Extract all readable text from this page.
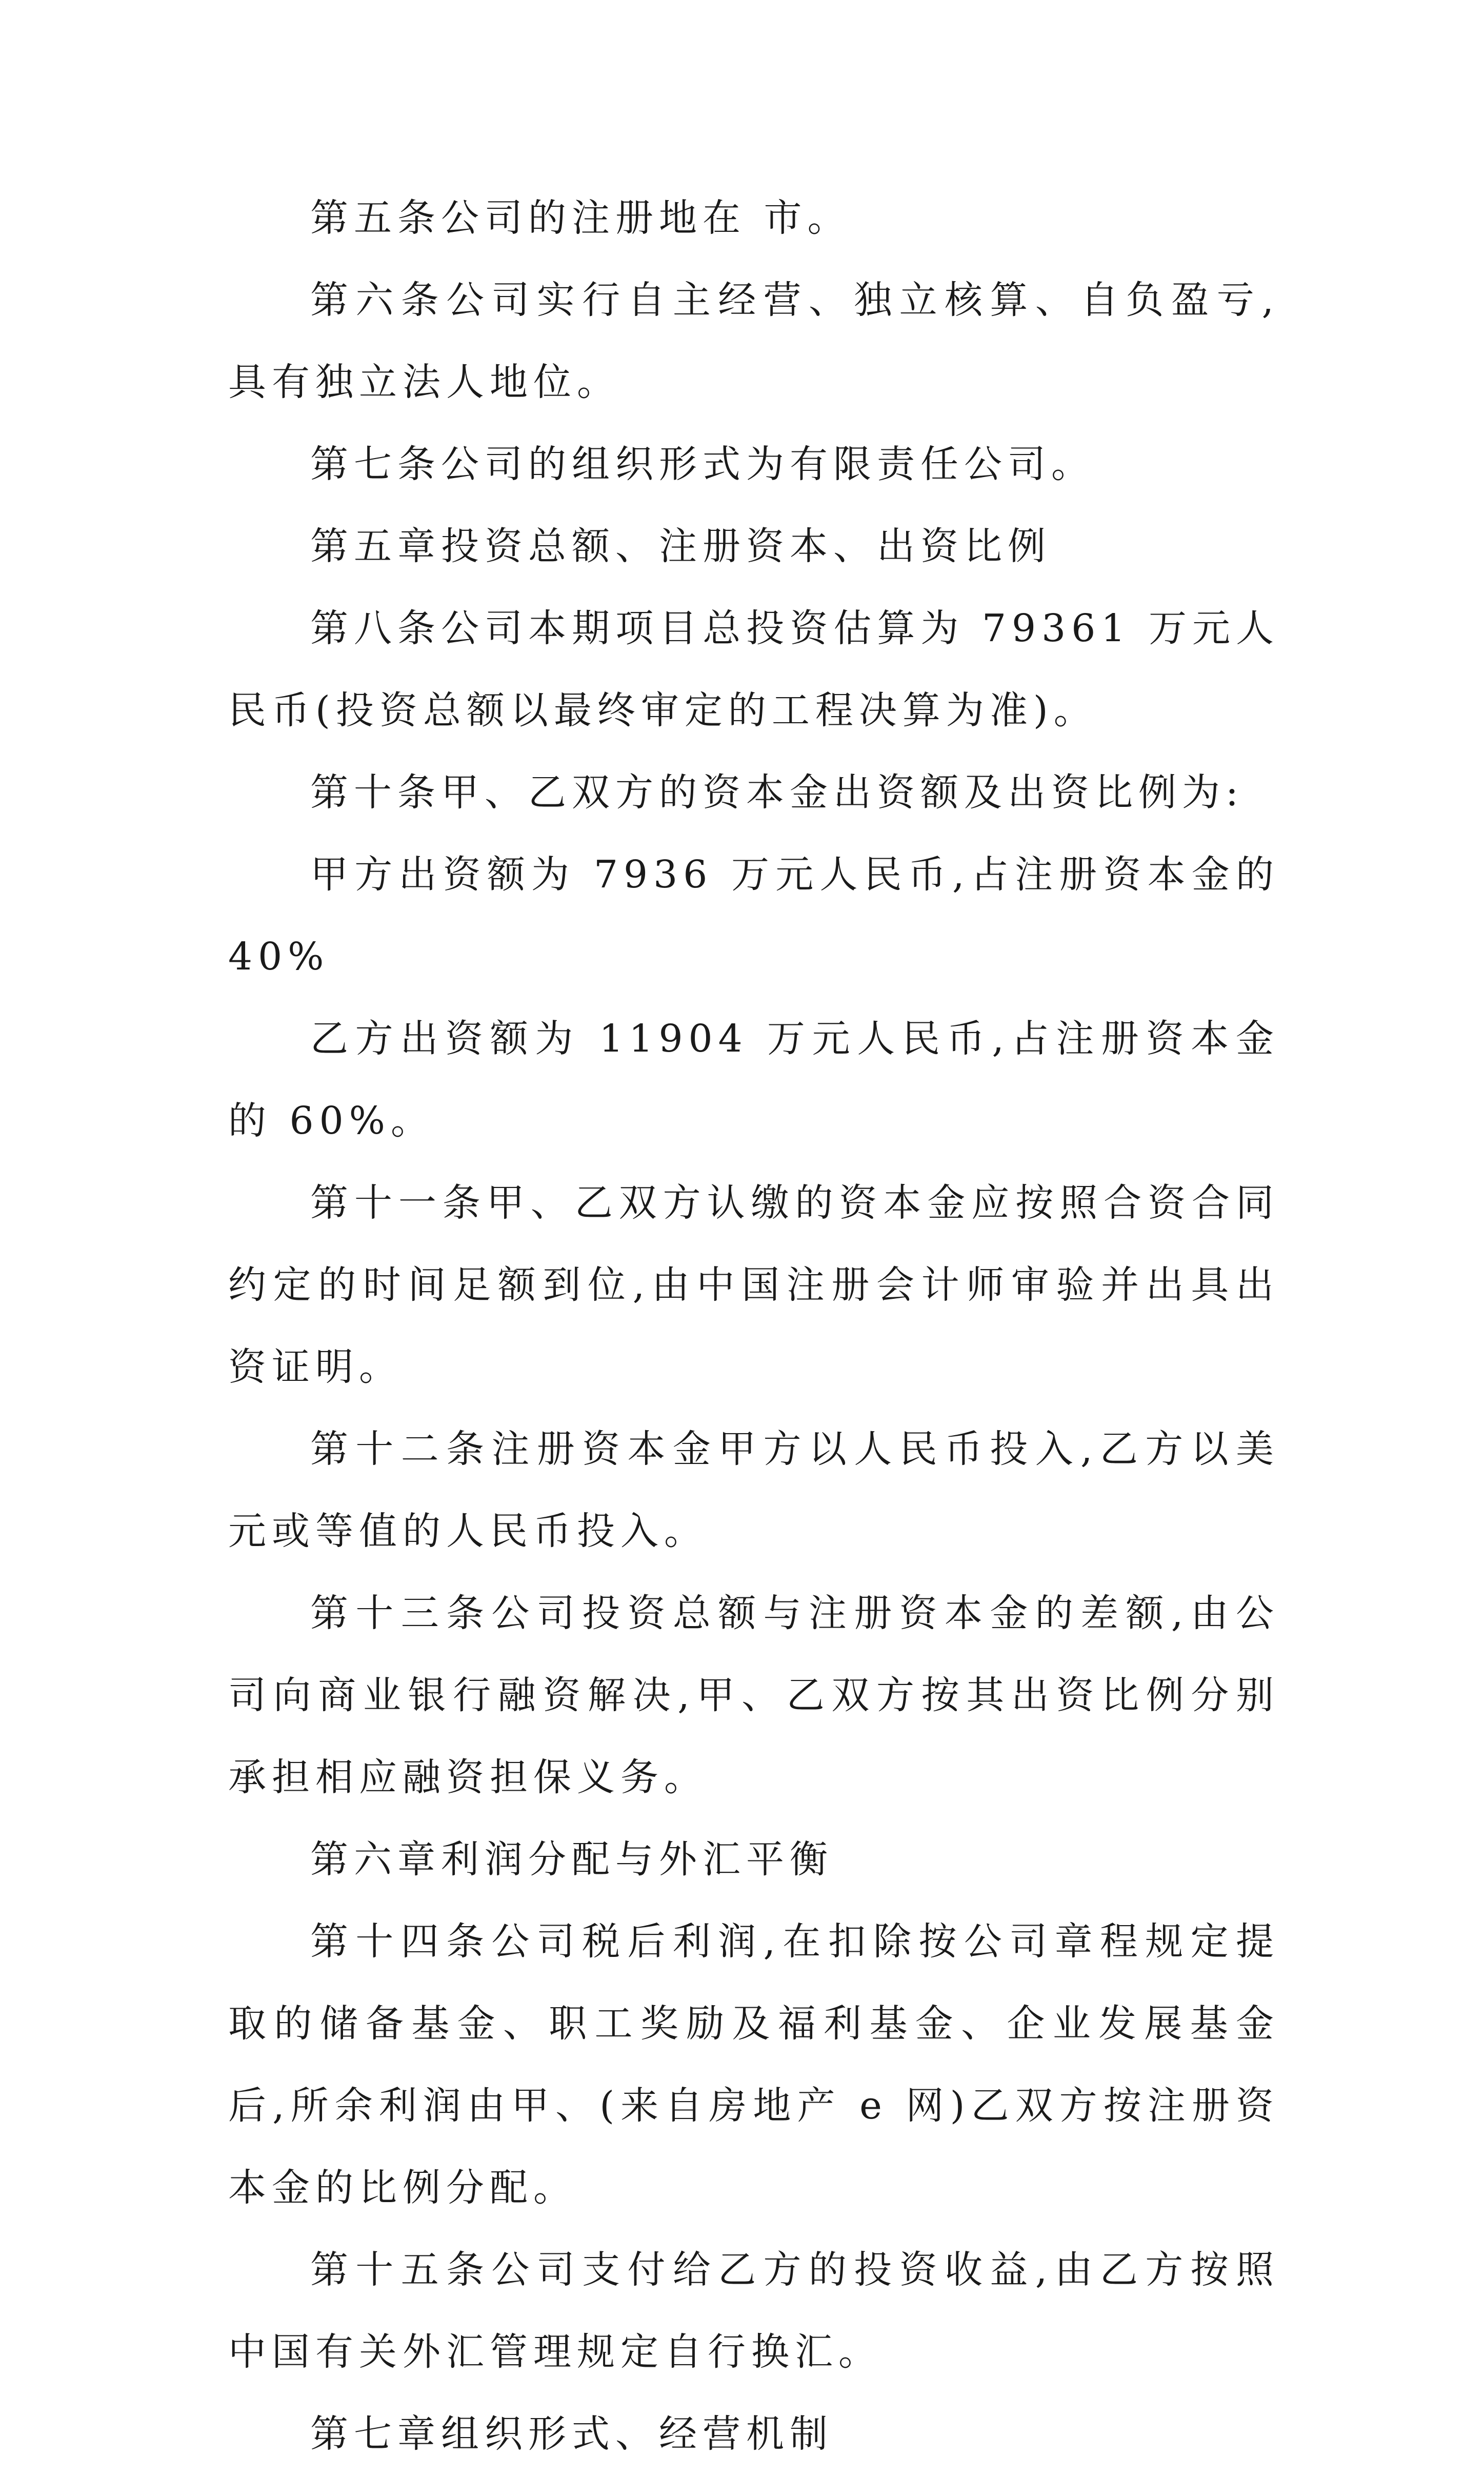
第五条公司的注册地在 市。

第六条公司实行自主经营、独立核算、自负盈亏,具有独立法人地位。

第七条公司的组织形式为有限责任公司。

第五章投资总额、注册资本、出资比例

第八条公司本期项目总投资估算为 79361 万元人民币(投资总额以最终审定的工程决算为准)。

第十条甲、乙双方的资本金出资额及出资比例为:

甲方出资额为 7936 万元人民币,占注册资本金的 40%

乙方出资额为 11904 万元人民币,占注册资本金的 60%。

第十一条甲、乙双方认缴的资本金应按照合资合同约定的时间足额到位,由中国注册会计师审验并出具出资证明。

第十二条注册资本金甲方以人民币投入,乙方以美元或等值的人民币投入。

第十三条公司投资总额与注册资本金的差额,由公司向商业银行融资解决,甲、乙双方按其出资比例分别承担相应融资担保义务。

第六章利润分配与外汇平衡

第十四条公司税后利润,在扣除按公司章程规定提取的储备基金、职工奖励及福利基金、企业发展基金后,所余利润由甲、(来自房地产 e 网)乙双方按注册资本金的比例分配。

第十五条公司支付给乙方的投资收益,由乙方按照中国有关外汇管理规定自行换汇。

第七章组织形式、经营机制
